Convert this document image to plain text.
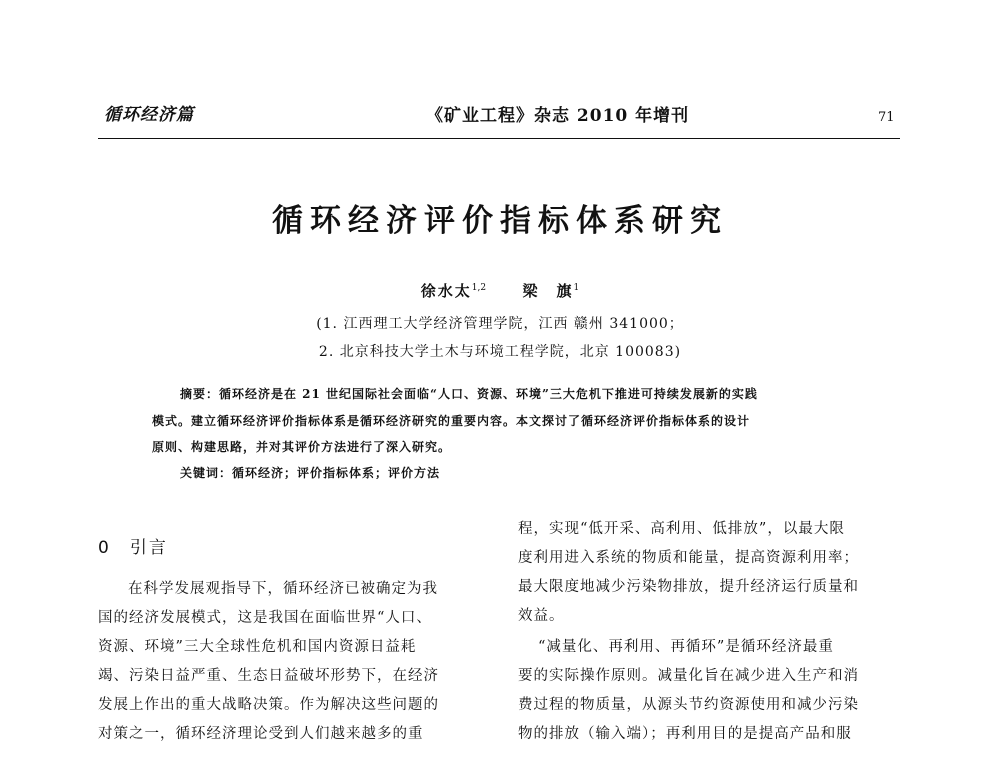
循环经济篇	《矿业工程》杂志 2010 年增刊	71
循环经济评价指标体系研究
徐水太$^{1,2}$ 梁　旗$^1$
(1. 江西理工大学经济管理学院，江西 赣州 341000；
2. 北京科技大学土木与环境工程学院，北京 100083)
摘要：循环经济是在 21 世纪国际社会面临“人口、资源、环境”三大危机下推进可持续发展新的实践
模式。建立循环经济评价指标体系是循环经济研究的重要内容。本文探讨了循环经济评价指标体系的设计
原则、构建思路，并对其评价方法进行了深入研究。
关键词：循环经济；评价指标体系；评价方法
0　引言
在科学发展观指导下，循环经济已被确定为我
国的经济发展模式，这是我国在面临世界“人口、
资源、环境”三大全球性危机和国内资源日益耗
竭、污染日益严重、生态日益破坏形势下，在经济
发展上作出的重大战略决策。作为解决这些问题的
对策之一，循环经济理论受到人们越来越多的重
程，实现“低开采、高利用、低排放”，以最大限
度利用进入系统的物质和能量，提高资源利用率；
最大限度地减少污染物排放，提升经济运行质量和
效益。
“减量化、再利用、再循环”是循环经济最重
要的实际操作原则。减量化旨在减少进入生产和消
费过程的物质量，从源头节约资源使用和减少污染
物的排放（输入端）；再利用目的是提高产品和服
